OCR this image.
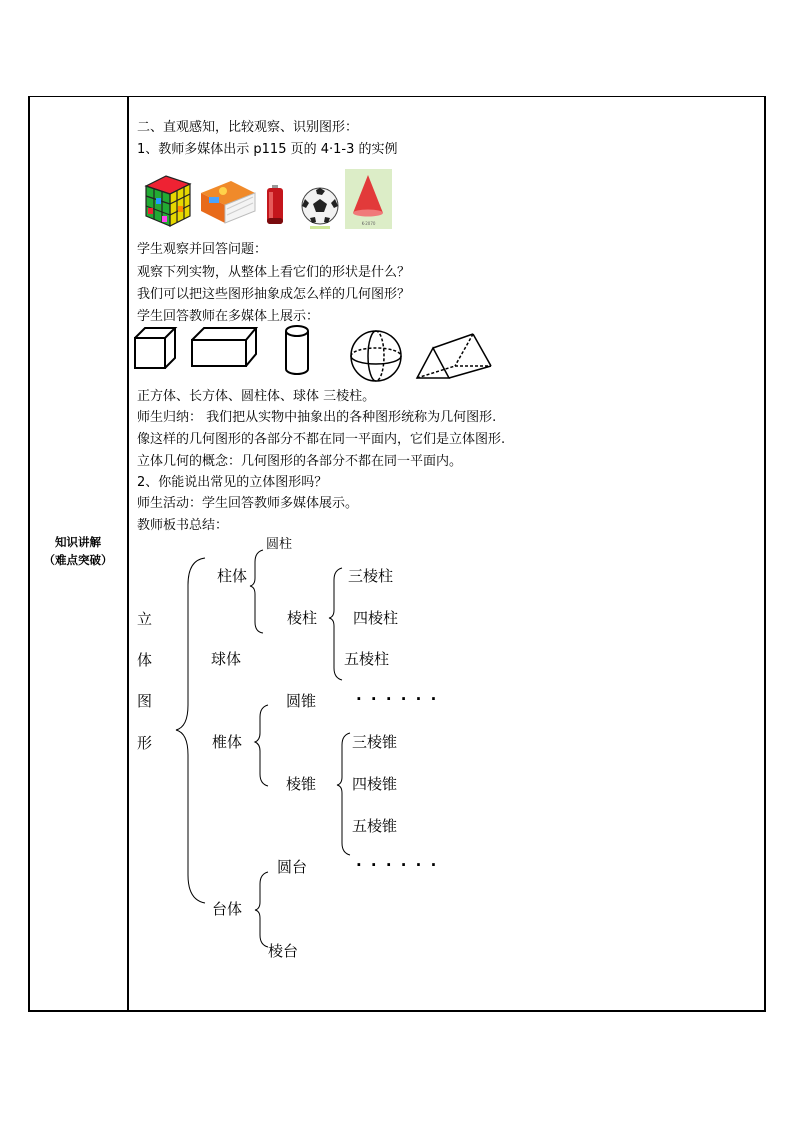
知识讲解
（难点突破）
二、直观感知，比较观察、识别图形：
1、教师多媒体出示 p115 页的 4·1-3 的实例
K-2070
学生观察并回答问题：
观察下列实物，从整体上看它们的形状是什么？
我们可以把这些图形抽象成怎么样的几何图形？
学生回答教师在多媒体上展示：
正方体、长方体、圆柱体、球体 三棱柱。
师生归纳： 我们把从实物中抽象出的各种图形统称为几何图形.
像这样的几何图形的各部分不都在同一平面内，它们是立体图形.
立体几何的概念：几何图形的各部分不都在同一平面内。
2、你能说出常见的立体图形吗？
师生活动：学生回答教师多媒体展示。
教师板书总结：
立
体
图
形
圆柱
柱体	三棱柱
棱柱 四棱柱
球体	五棱柱
圆锥	· · · · · ·
椎体	三棱锥
棱锥 四棱锥
五棱锥
圆台	· · · · · ·
台体
棱台
